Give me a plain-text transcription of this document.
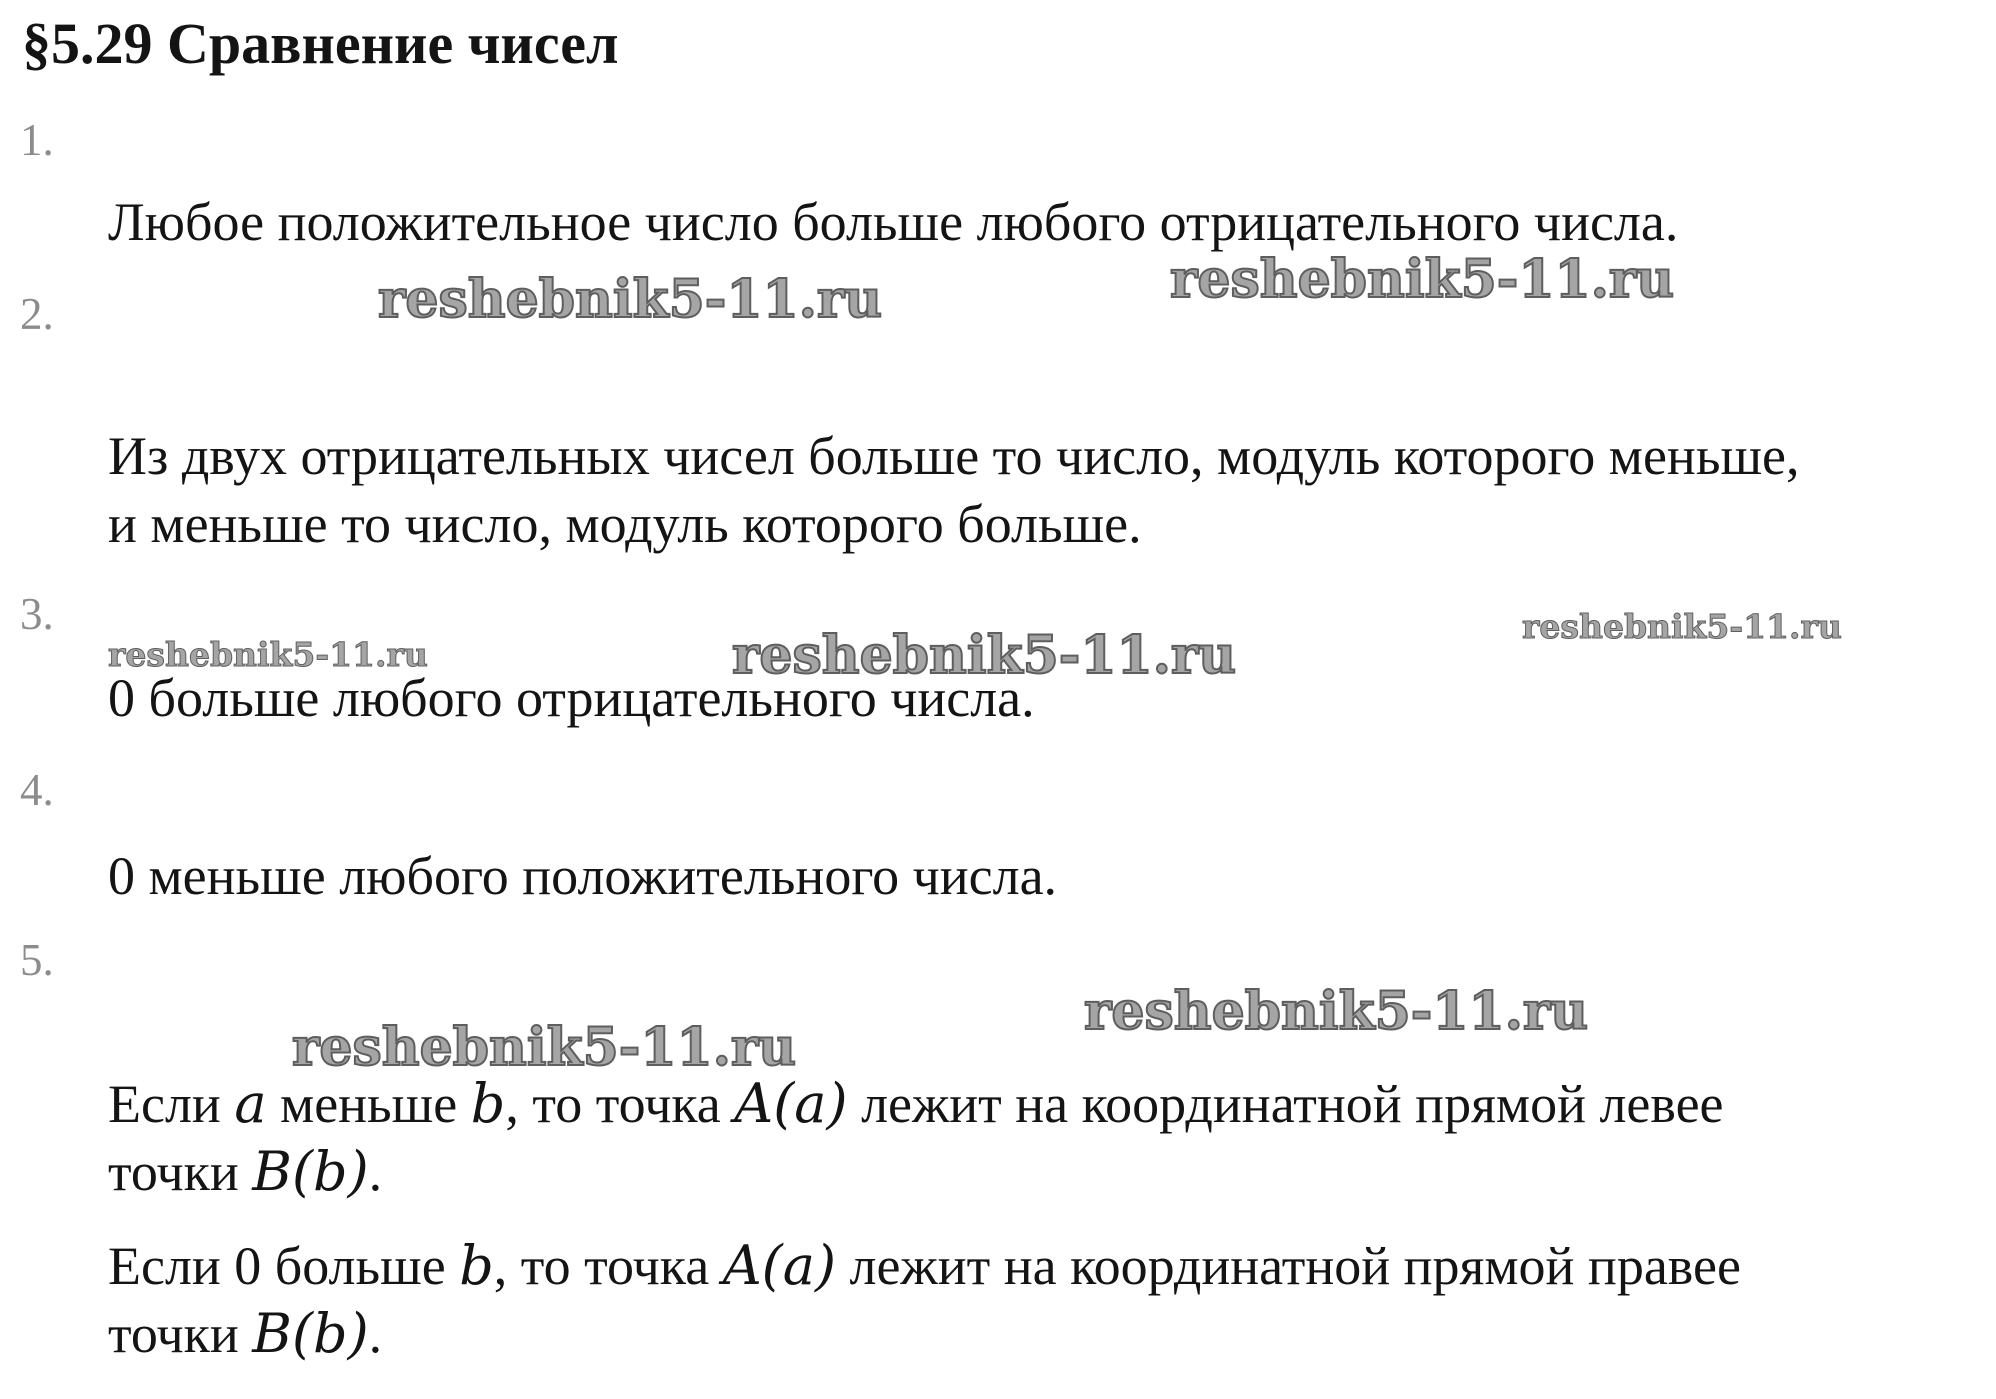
§5.29 Сравнение чисел
1.

Любое положительное число больше любого отрицательного числа.

2.

Из двух отрицательных чисел больше то число, модуль которого меньше,
и меньше то число, модуль которого больше.

3.

0 больше любого отрицательного числа.

4.

0 меньше любого положительного числа.

5.

Если a меньше b, то точка A(a) лежит на координатной прямой левее
точки B(b).

Если 0 больше b, то точка A(a) лежит на координатной прямой правее
точки B(b).

reshebnik5-11.ru	reshebnik5-11.ru
reshebnik5-11.ru	reshebnik5-11.ru	reshebnik5-11.ru
reshebnik5-11.ru
reshebnik5-11.ru
